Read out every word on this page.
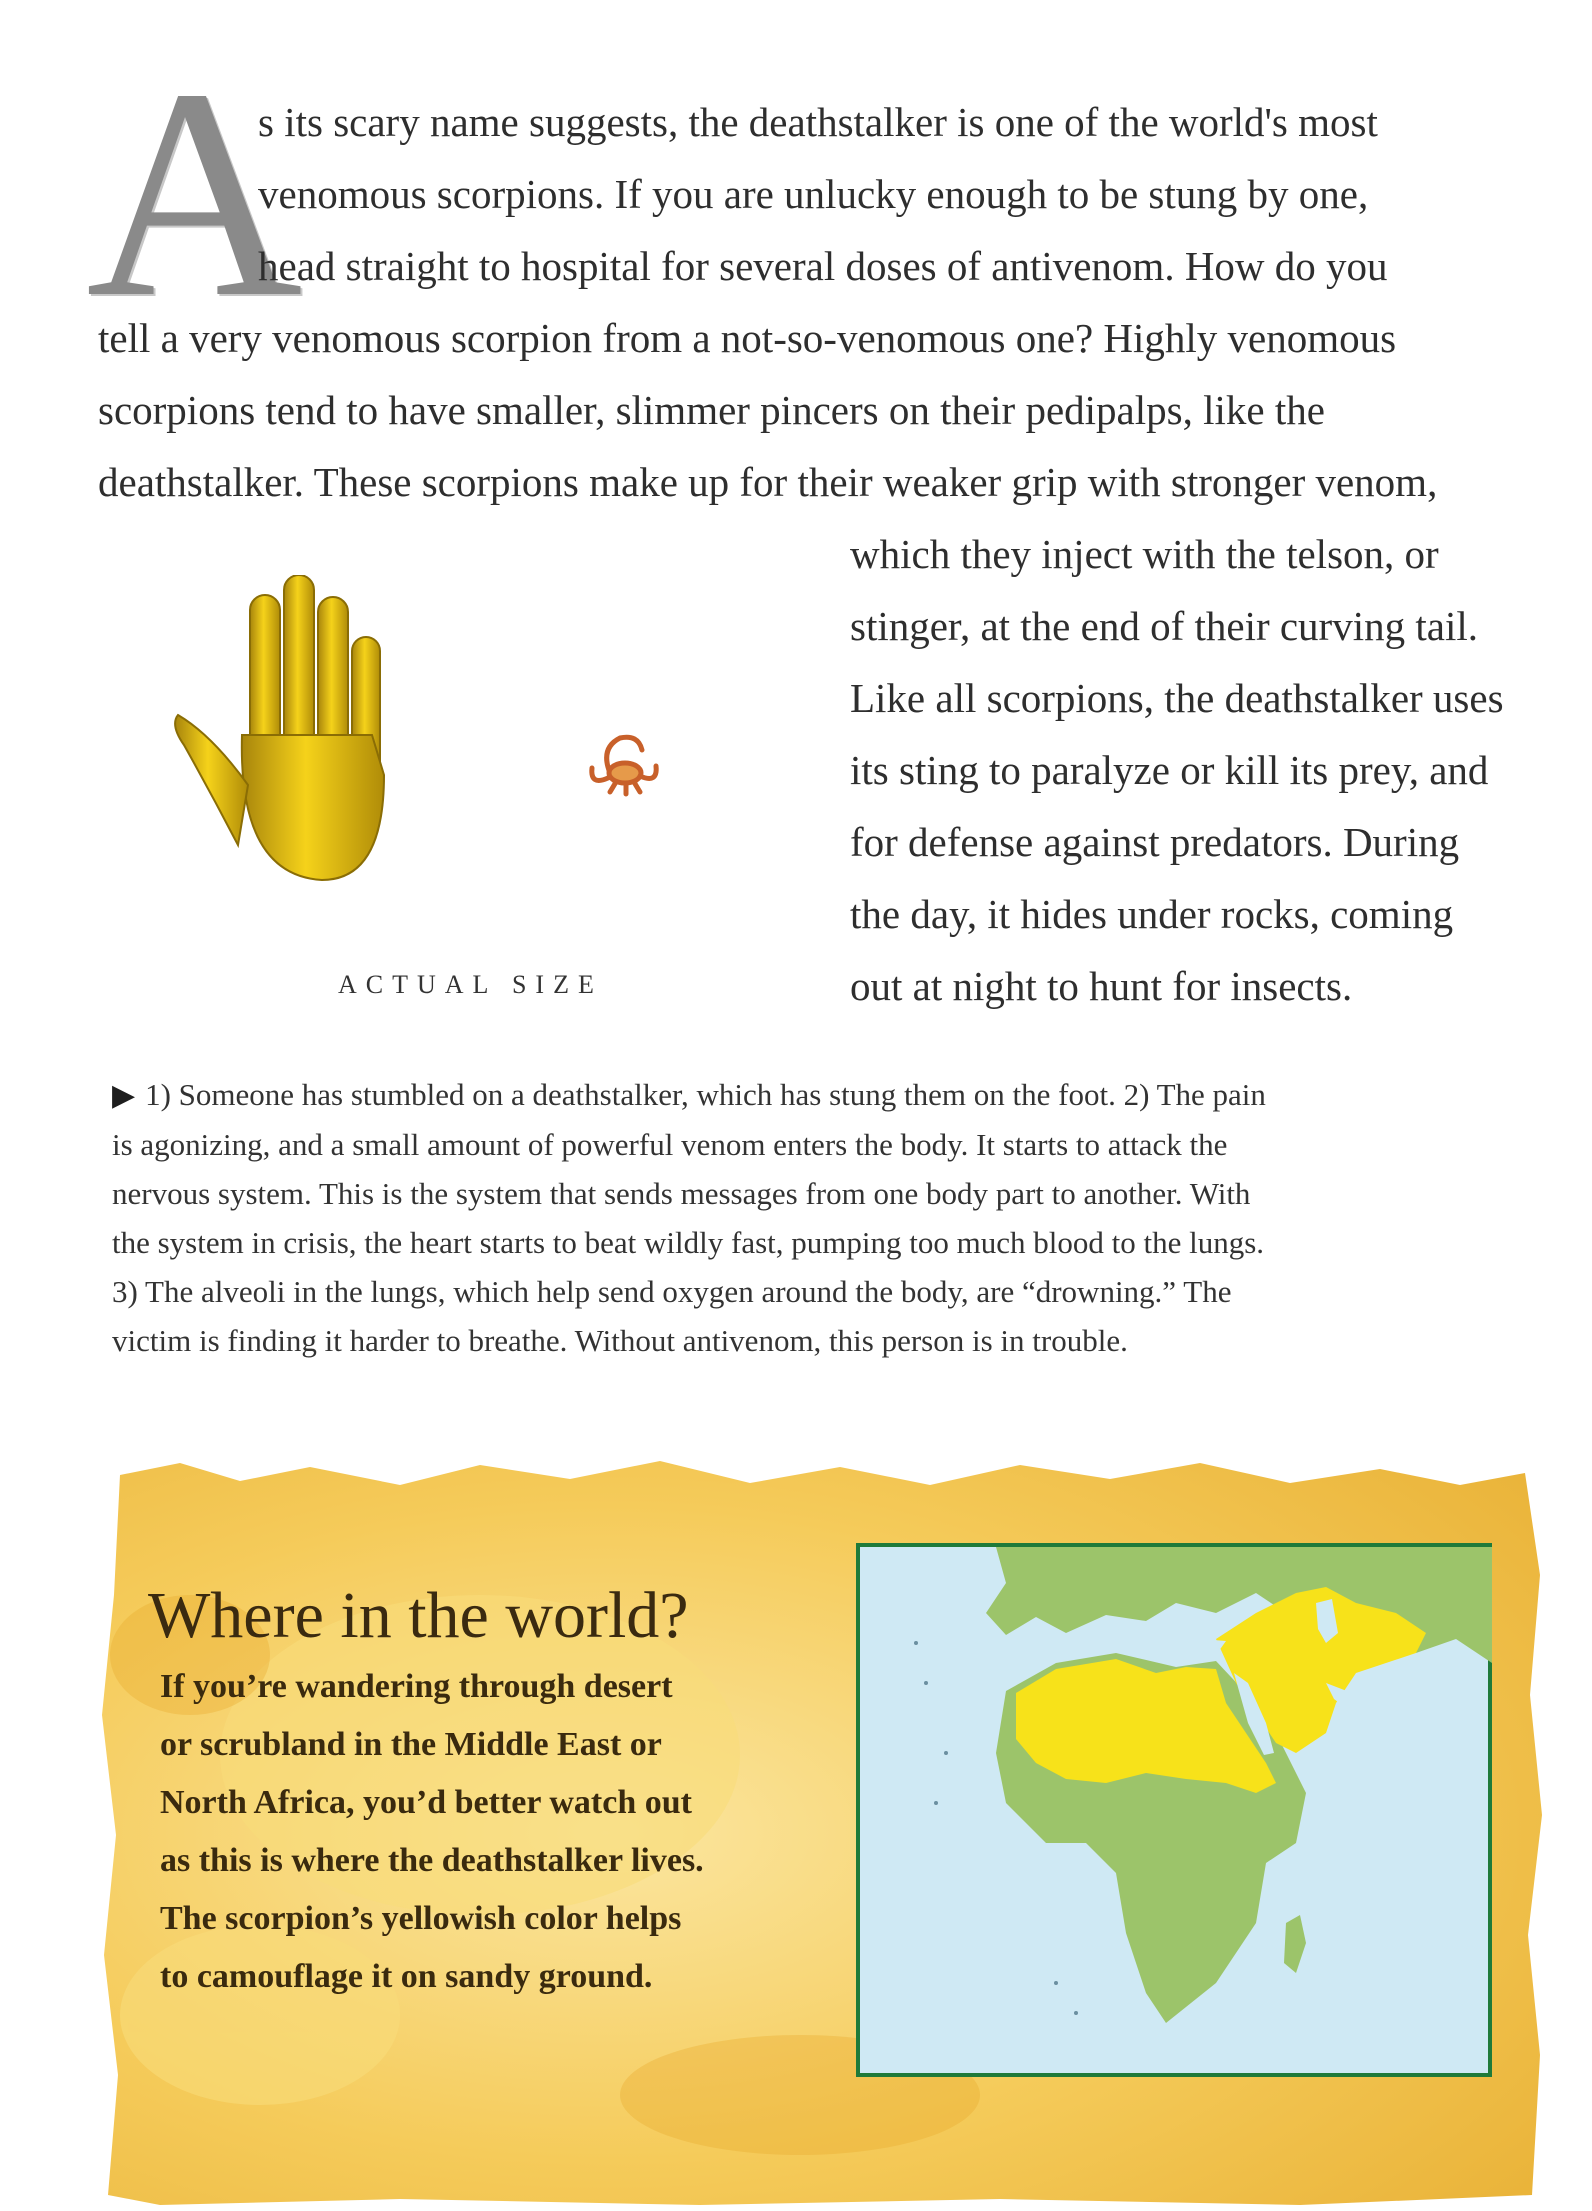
A
s its scary name suggests, the deathstalker is one of the world's most
venomous scorpions. If you are unlucky enough to be stung by one,
head straight to hospital for several doses of antivenom. How do you
tell a very venomous scorpion from a not-so-venomous one? Highly venomous
scorpions tend to have smaller, slimmer pincers on their pedipalps, like the
deathstalker. These scorpions make up for their weaker grip with stronger venom,
which they inject with the telson, or
stinger, at the end of their curving tail.
Like all scorpions, the deathstalker uses
its sting to paralyze or kill its prey, and
for defense against predators. During
the day, it hides under rocks, coming
out at night to hunt for insects.
ACTUAL SIZE
▶ 1) Someone has stumbled on a deathstalker, which has stung them on the foot. 2) The pain
is agonizing, and a small amount of powerful venom enters the body. It starts to attack the
nervous system. This is the system that sends messages from one body part to another. With
the system in crisis, the heart starts to beat wildly fast, pumping too much blood to the lungs.
3) The alveoli in the lungs, which help send oxygen around the body, are “drowning.” The
victim is finding it harder to breathe. Without antivenom, this person is in trouble.
Where in the world?
If you’re wandering through desert
or scrubland in the Middle East or
North Africa, you’d better watch out
as this is where the deathstalker lives.
The scorpion’s yellowish color helps
to camouflage it on sandy ground.
